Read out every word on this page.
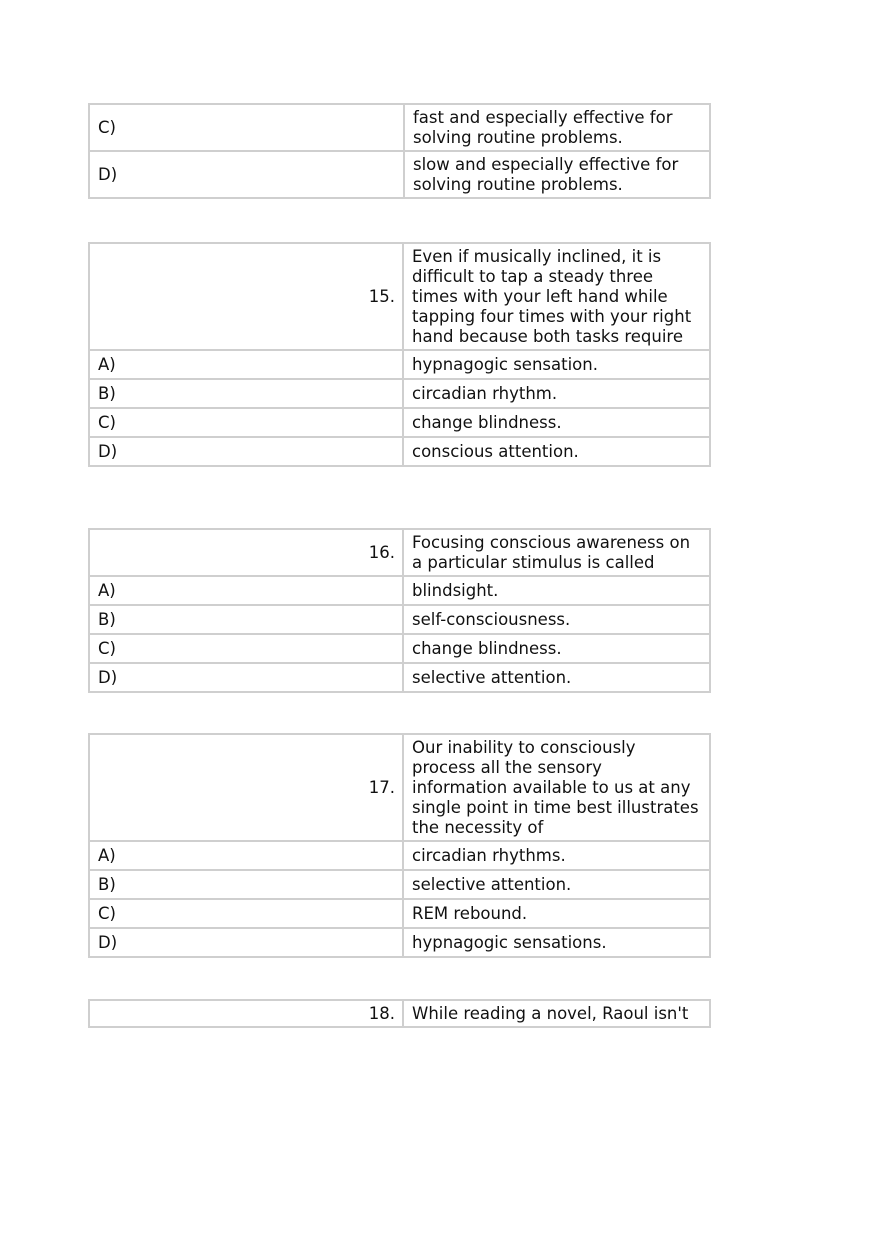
C)	fast and especially effective for solving routine problems.
D)	slow and especially effective for solving routine problems.
15.	Even if musically inclined, it is difﬁcult to tap a steady three times with your left hand while tapping four times with your right hand because both tasks require
A)	hypnagogic sensation.
B)	circadian rhythm.
C)	change blindness.
D)	conscious attention.
16.	Focusing conscious awareness on a particular stimulus is called
A)	blindsight.
B)	self-consciousness.
C)	change blindness.
D)	selective attention.
17.	Our inability to consciously process all the sensory information available to us at any single point in time best illustrates the necessity of
A)	circadian rhythms.
B)	selective attention.
C)	REM rebound.
D)	hypnagogic sensations.
18.	While reading a novel, Raoul isn't
